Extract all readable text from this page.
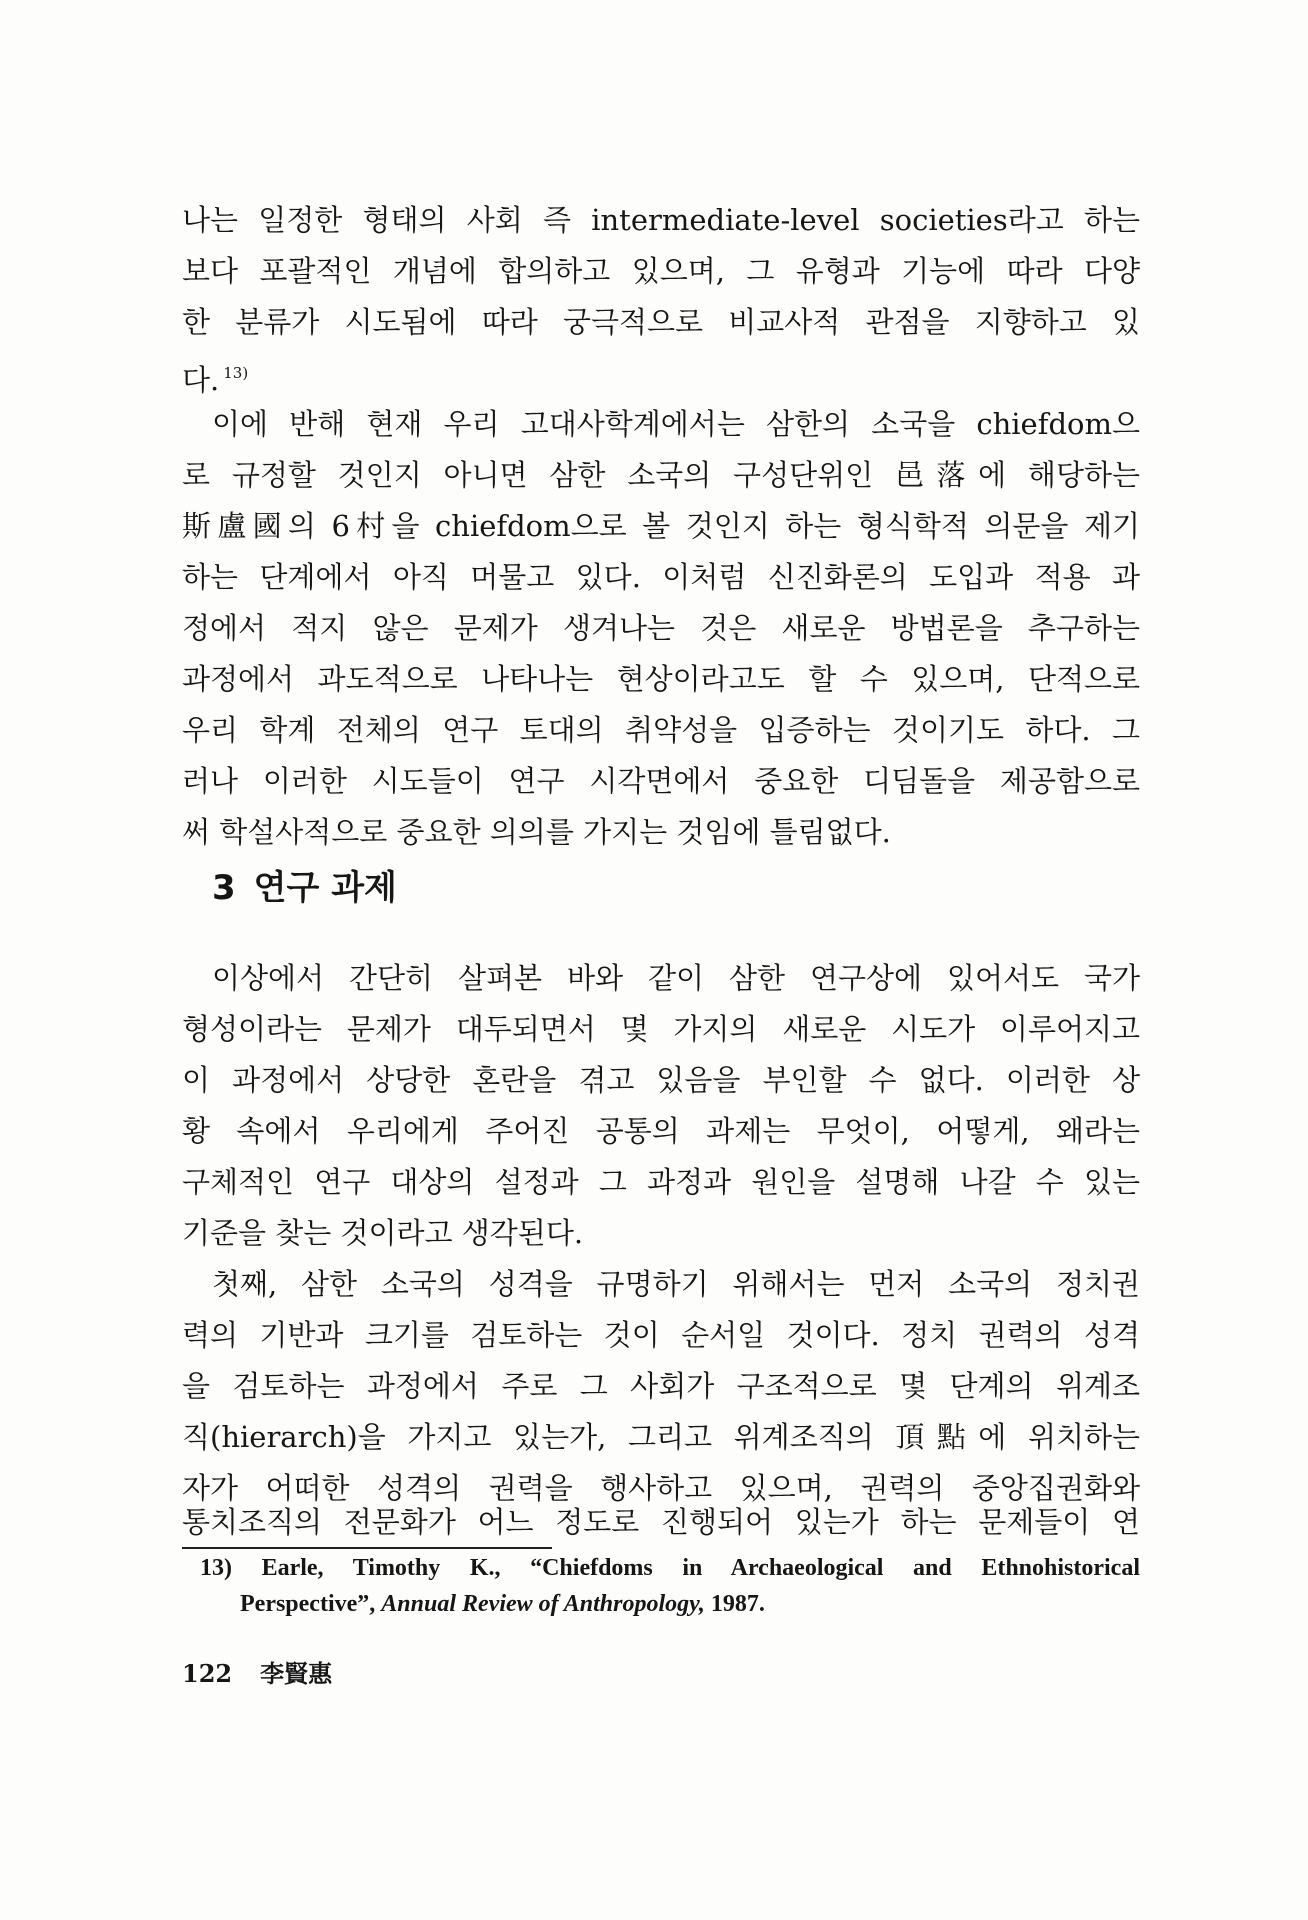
나는 일정한 형태의 사회 즉 intermediate-level societies라고 하는
보다 포괄적인 개념에 합의하고 있으며, 그 유형과 기능에 따라 다양
한 분류가 시도됨에 따라 궁극적으로 비교사적 관점을 지향하고 있
다. $^{13)}$
이에 반해 현재 우리 고대사학계에서는 삼한의 소국을 chiefdom으
로 규정할 것인지 아니면 삼한 소국의 구성단위인 邑落에 해당하는
斯盧國의 6村을 chiefdom으로 볼 것인지 하는 형식학적 의문을 제기
하는 단계에서 아직 머물고 있다. 이처럼 신진화론의 도입과 적용 과
정에서 적지 않은 문제가 생겨나는 것은 새로운 방법론을 추구하는
과정에서 과도적으로 나타나는 현상이라고도 할 수 있으며, 단적으로
우리 학계 전체의 연구 토대의 취약성을 입증하는 것이기도 하다. 그
러나 이러한 시도들이 연구 시각면에서 중요한 디딤돌을 제공함으로
써 학설사적으로 중요한 의의를 가지는 것임에 틀림없다.
3 연구 과제
이상에서 간단히 살펴본 바와 같이 삼한 연구상에 있어서도 국가
형성이라는 문제가 대두되면서 몇 가지의 새로운 시도가 이루어지고
이 과정에서 상당한 혼란을 겪고 있음을 부인할 수 없다. 이러한 상
황 속에서 우리에게 주어진 공통의 과제는 무엇이, 어떻게, 왜라는
구체적인 연구 대상의 설정과 그 과정과 원인을 설명해 나갈 수 있는
기준을 찾는 것이라고 생각된다.
첫째, 삼한 소국의 성격을 규명하기 위해서는 먼저 소국의 정치권
력의 기반과 크기를 검토하는 것이 순서일 것이다. 정치 권력의 성격
을 검토하는 과정에서 주로 그 사회가 구조적으로 몇 단계의 위계조
직(hierarch)을 가지고 있는가, 그리고 위계조직의 頂點에 위치하는
자가 어떠한 성격의 권력을 행사하고 있으며, 권력의 중앙집권화와
통치조직의 전문화가 어느 정도로 진행되어 있는가 하는 문제들이 연
13) Earle, Timothy K., “Chiefdoms in Archaeological and Ethnohistorical
Perspective”, Annual Review of Anthropology, 1987.
122 李賢惠
